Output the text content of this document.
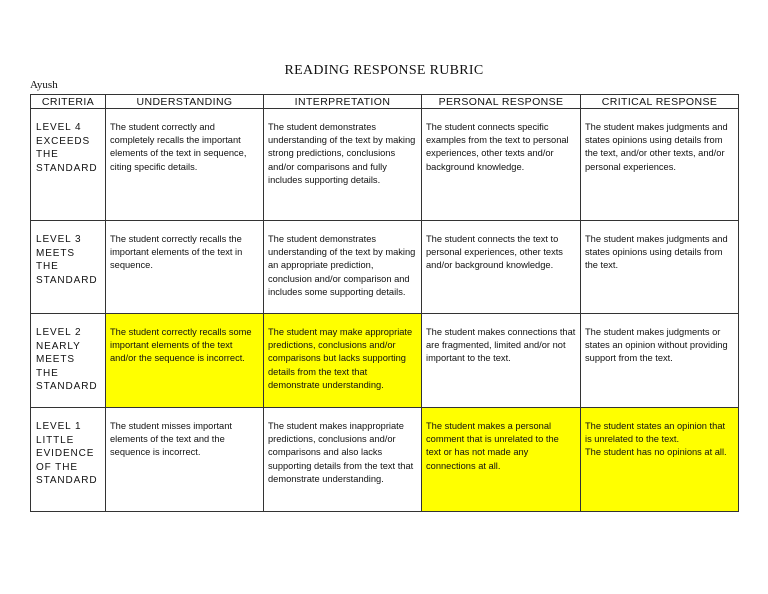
READING RESPONSE RUBRIC
Ayush
CRITERIA	UNDERSTANDING	INTERPRETATION	PERSONAL RESPONSE	CRITICAL RESPONSE
LEVEL 4
EXCEEDS
THE
STANDARD	The student correctly and completely recalls the important elements of the text in sequence, citing specific details.	The student demonstrates understanding of the text by making strong predictions, conclusions and/or comparisons and fully includes supporting details.	The student connects specific examples from the text to personal experiences, other texts and/or background knowledge.	The student makes judgments and states opinions using details from the text, and/or other texts, and/or personal experiences.
LEVEL 3
MEETS THE
STANDARD	The student correctly recalls the important elements of the text in sequence.	The student demonstrates understanding of the text by making an appropriate prediction, conclusion and/or comparison and includes some supporting details.	The student connects the text to personal experiences, other texts and/or background knowledge.	The student makes judgments and states opinions using details from the text.
LEVEL 2
NEARLY
MEETS
THE
STANDARD	The student correctly recalls some important elements of the text and/or the sequence is incorrect.	The student may make appropriate predictions, conclusions and/or comparisons but lacks supporting details from the text that demonstrate understanding.	The student makes connections that are fragmented, limited and/or not important to the text.	The student makes judgments or states an opinion without providing support from the text.
LEVEL 1
LITTLE
EVIDENCE
OF THE
STANDARD	The student misses important elements of the text and the sequence is incorrect.	The student makes inappropriate predictions, conclusions and/or comparisons and also lacks supporting details from the text that demonstrate understanding.	The student makes a personal comment that is unrelated to the text or has not made any connections at all.	The student states an opinion that is unrelated to the text.
The student has no opinions at all.
